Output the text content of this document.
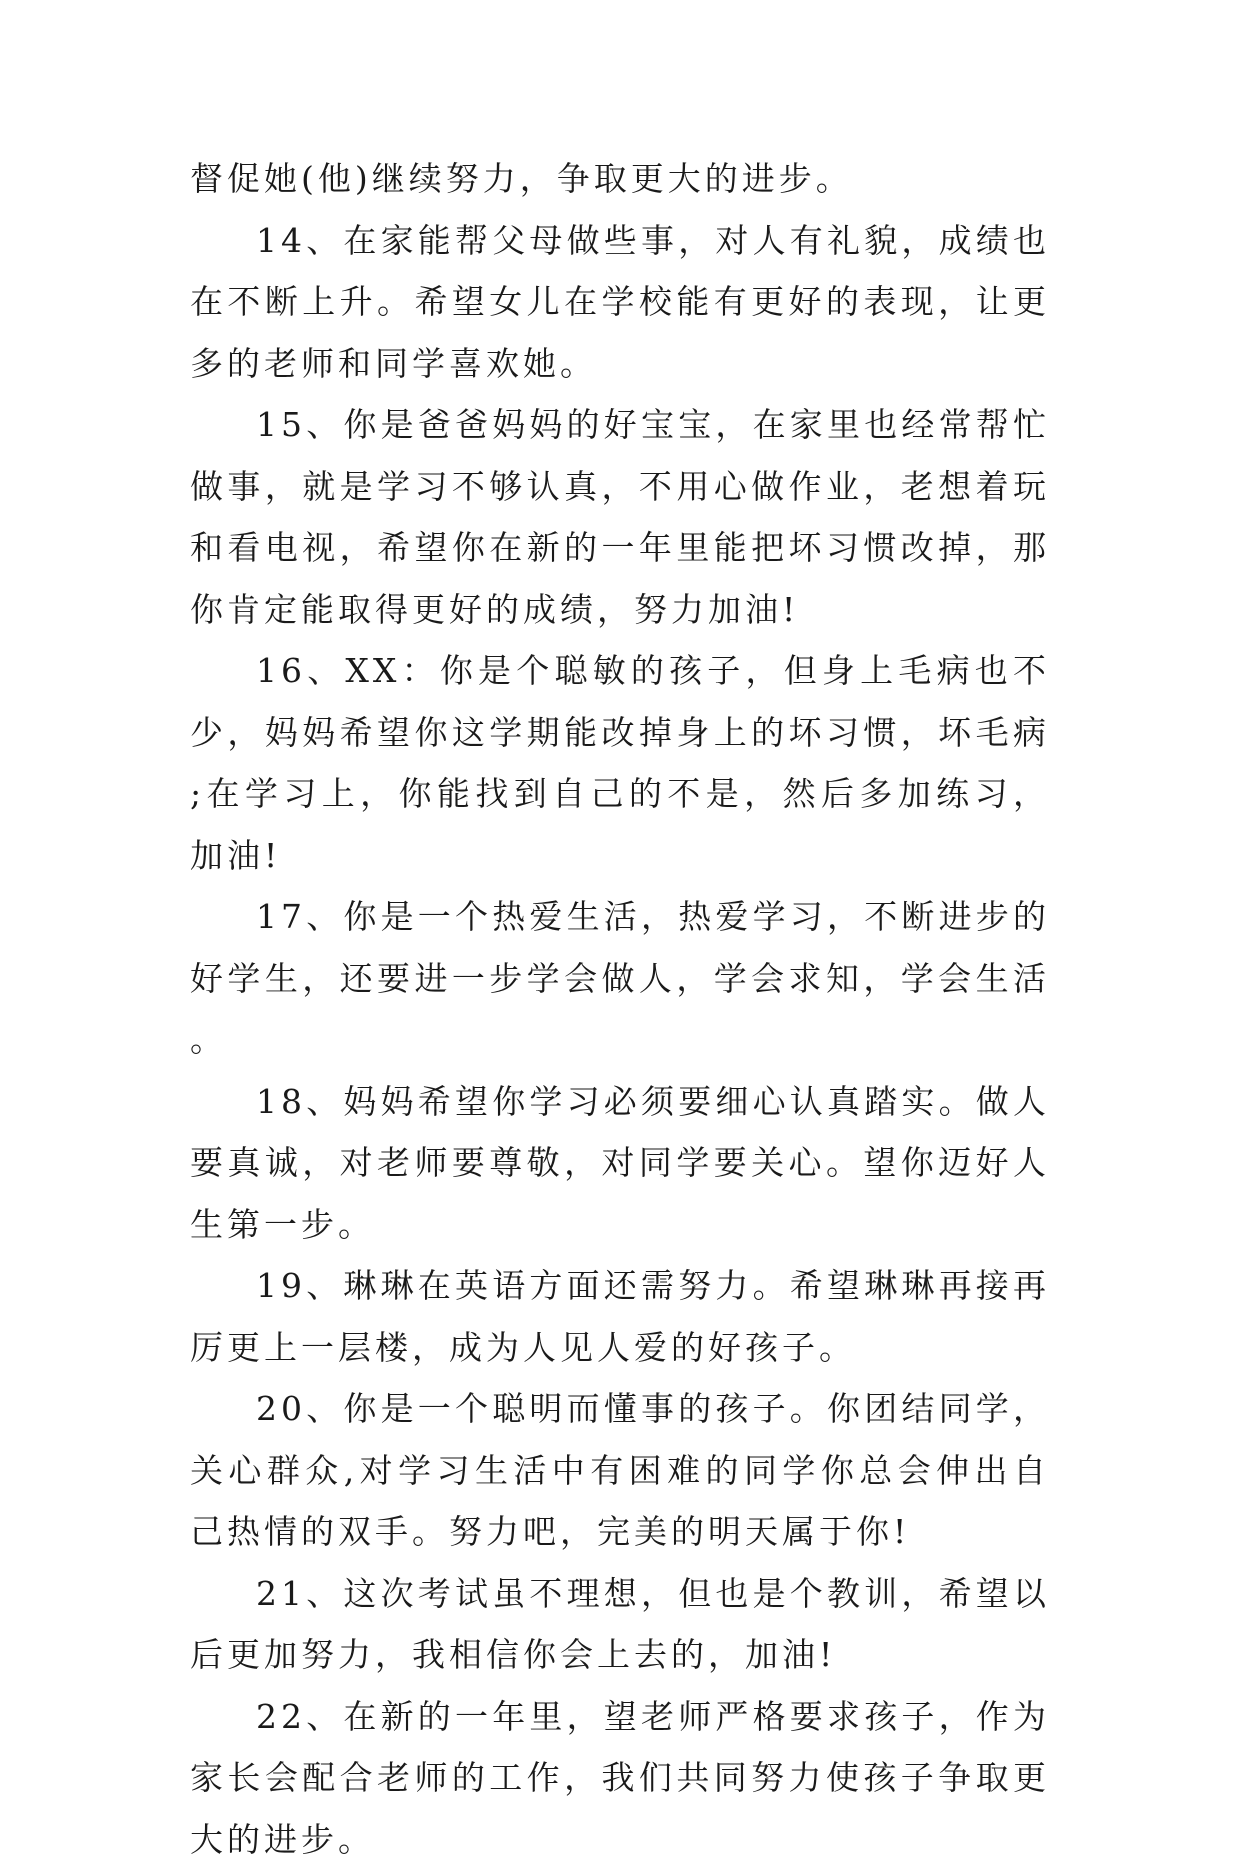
督促她(他)继续努力，争取更大的进步。

14、在家能帮父母做些事，对人有礼貌，成绩也在不断上升。希望女儿在学校能有更好的表现，让更多的老师和同学喜欢她。

15、你是爸爸妈妈的好宝宝，在家里也经常帮忙做事，就是学习不够认真，不用心做作业，老想着玩和看电视，希望你在新的一年里能把坏习惯改掉，那你肯定能取得更好的成绩，努力加油!

16、XX：你是个聪敏的孩子，但身上毛病也不少，妈妈希望你这学期能改掉身上的坏习惯，坏毛病;在学习上，你能找到自己的不是，然后多加练习，加油!

17、你是一个热爱生活，热爱学习，不断进步的好学生，还要进一步学会做人，学会求知，学会生活。

18、妈妈希望你学习必须要细心认真踏实。做人要真诚，对老师要尊敬，对同学要关心。望你迈好人生第一步。

19、琳琳在英语方面还需努力。希望琳琳再接再厉更上一层楼，成为人见人爱的好孩子。

20、你是一个聪明而懂事的孩子。你团结同学，关心群众,对学习生活中有困难的同学你总会伸出自己热情的双手。努力吧，完美的明天属于你!

21、这次考试虽不理想，但也是个教训，希望以后更加努力，我相信你会上去的，加油!

22、在新的一年里，望老师严格要求孩子，作为家长会配合老师的工作，我们共同努力使孩子争取更大的进步。
